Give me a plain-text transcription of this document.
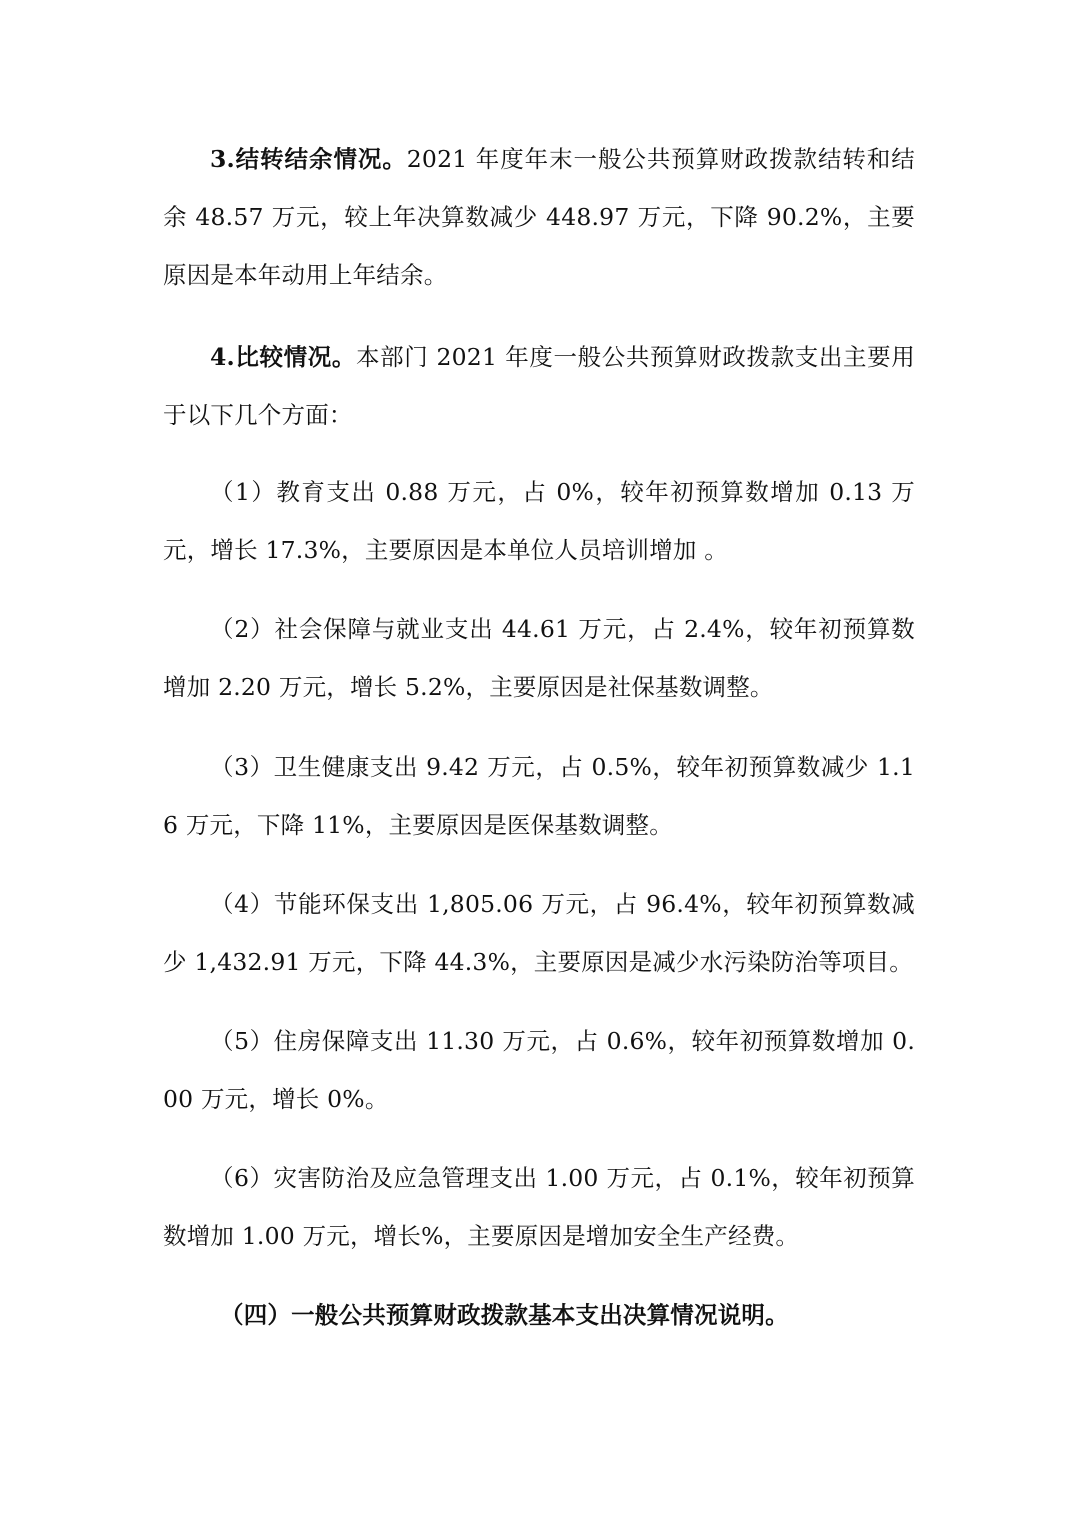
3.结转结余情况。2021 年度年末一般公共预算财政拨款结转和结余 48.57 万元，较上年决算数减少 448.97 万元，下降 90.2%，主要原因是本年动用上年结余。

4.比较情况。本部门 2021 年度一般公共预算财政拨款支出主要用于以下几个方面：

（1）教育支出 0.88 万元，占 0%，较年初预算数增加 0.13 万元，增长 17.3%，主要原因是本单位人员培训增加 。

（2）社会保障与就业支出 44.61 万元，占 2.4%，较年初预算数增加 2.20 万元，增长 5.2%，主要原因是社保基数调整。

（3）卫生健康支出 9.42 万元，占 0.5%，较年初预算数减少 1.16 万元，下降 11%，主要原因是医保基数调整。

（4）节能环保支出 1,805.06 万元，占 96.4%，较年初预算数减少 1,432.91 万元，下降 44.3%，主要原因是减少水污染防治等项目。

（5）住房保障支出 11.30 万元，占 0.6%，较年初预算数增加 0.00 万元，增长 0%。

（6）灾害防治及应急管理支出 1.00 万元，占 0.1%，较年初预算数增加 1.00 万元，增长%，主要原因是增加安全生产经费。

（四）一般公共预算财政拨款基本支出决算情况说明。
